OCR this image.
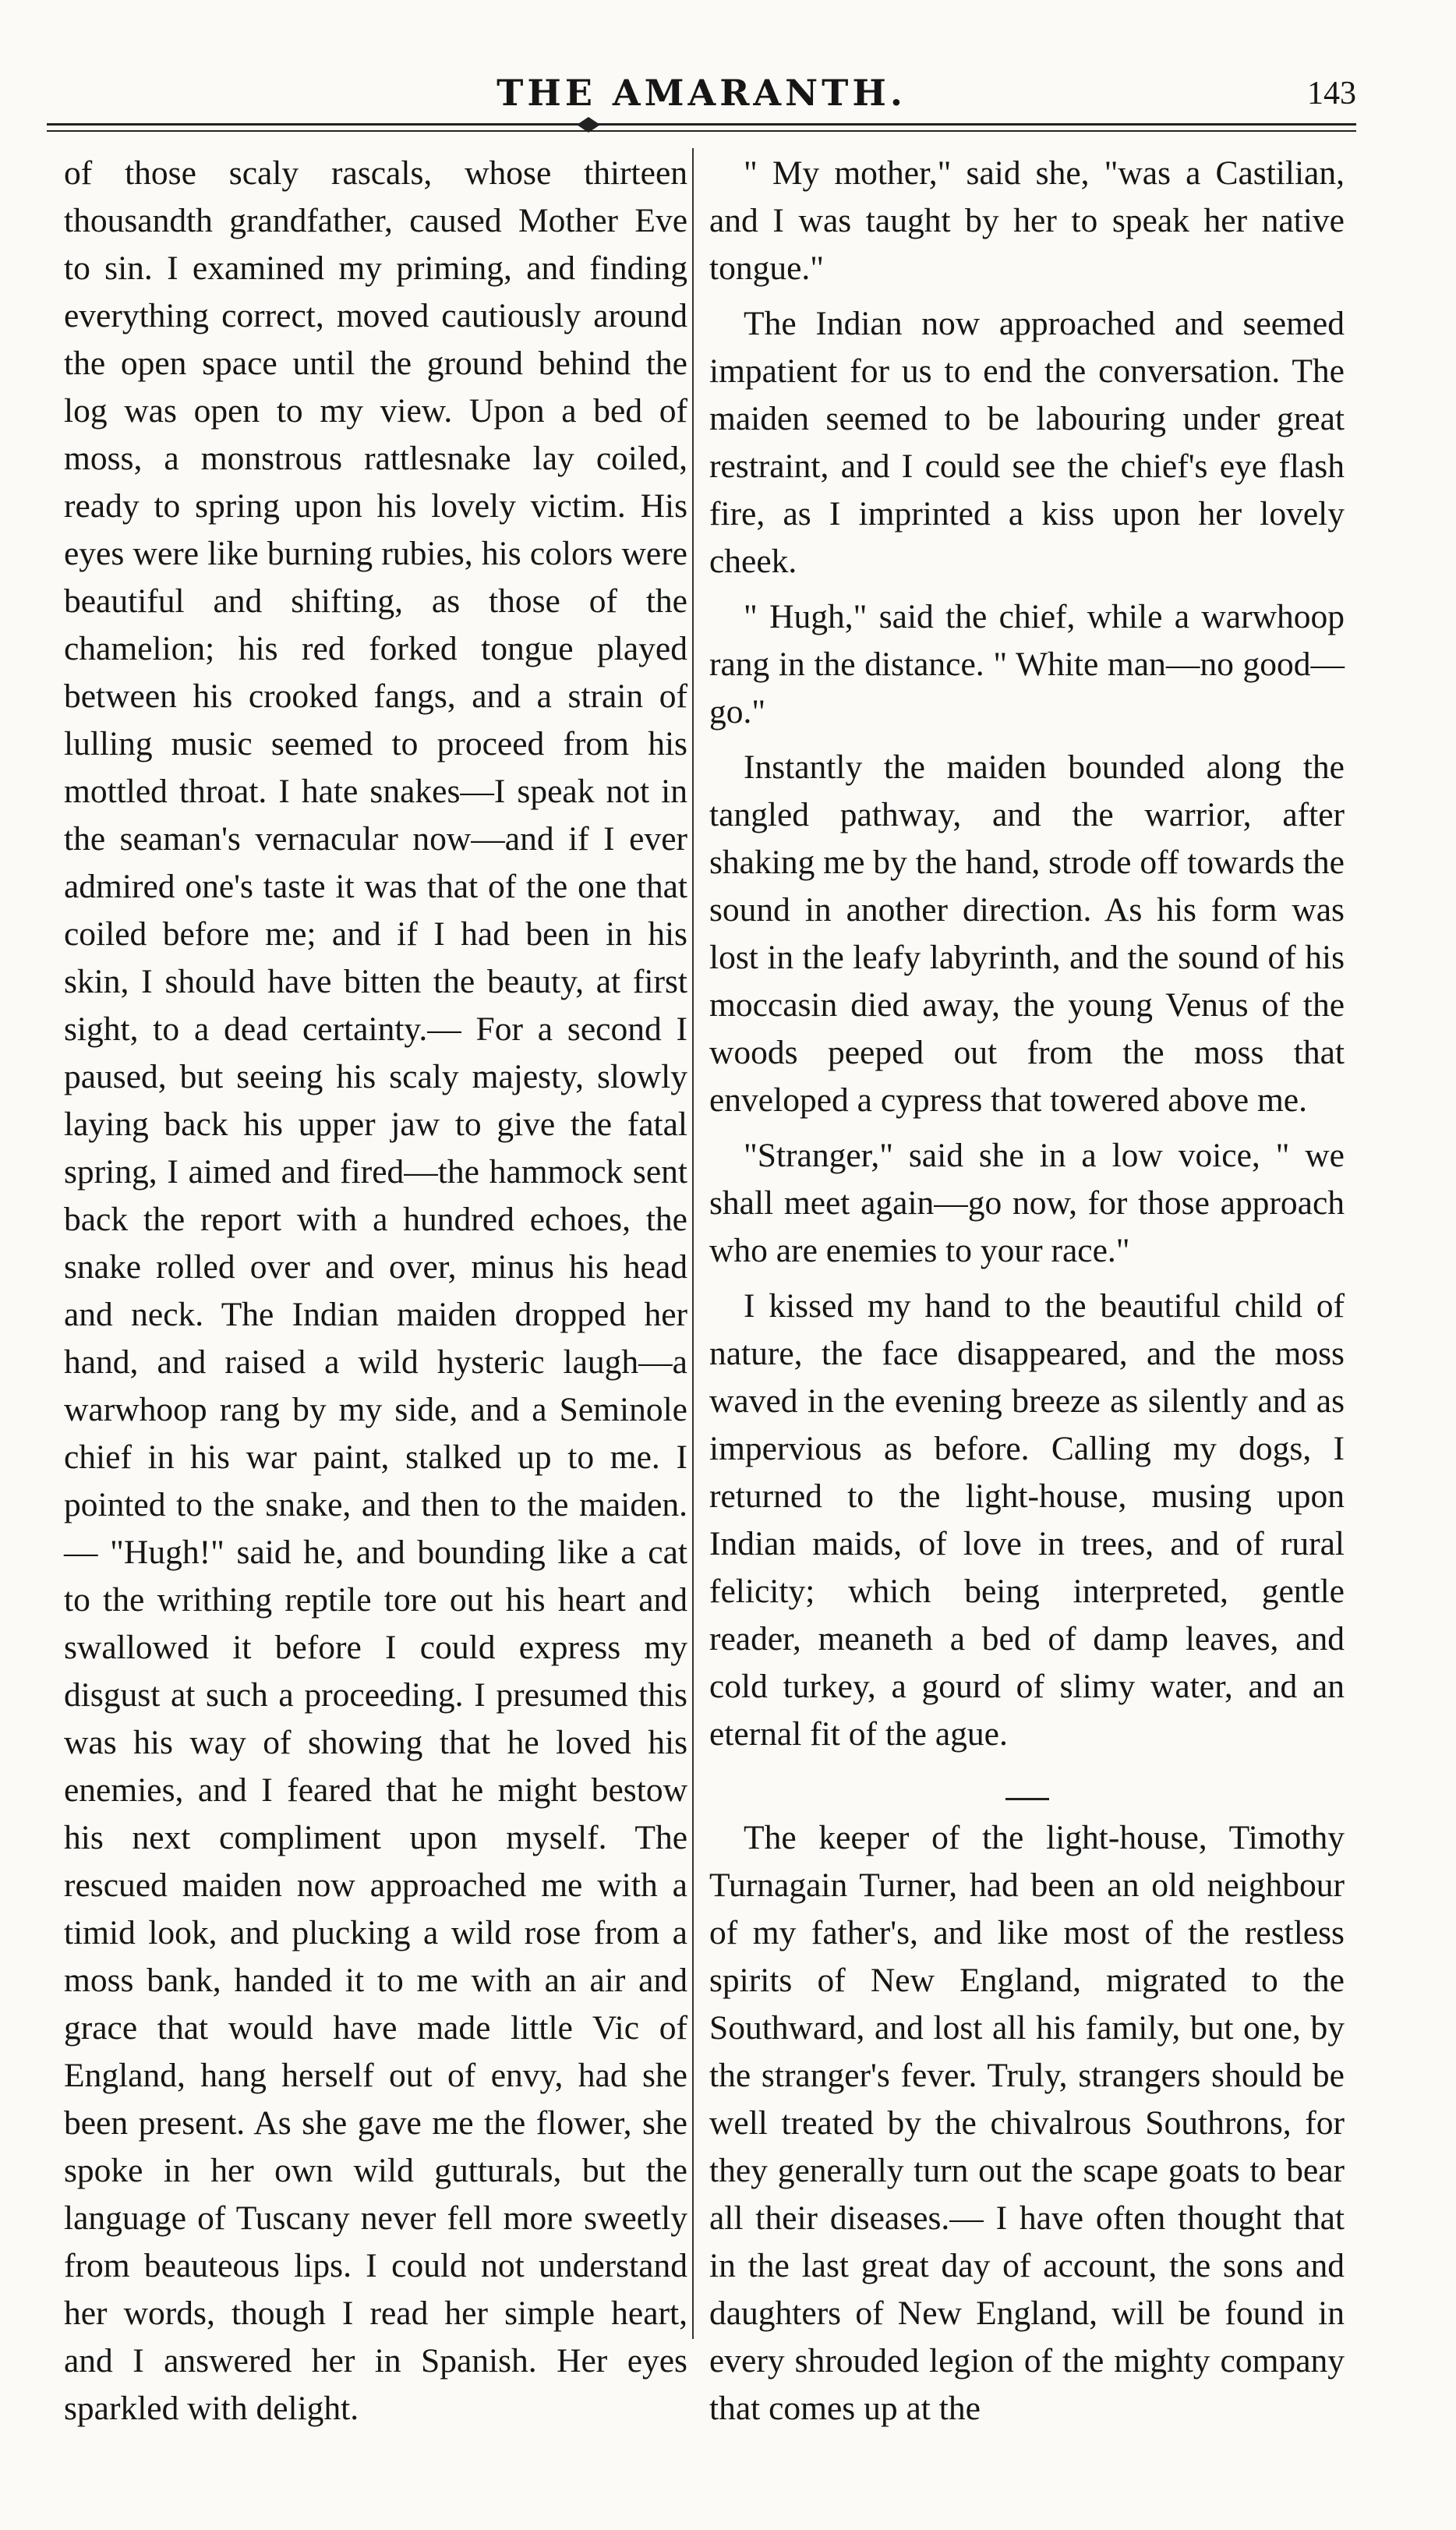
THE AMARANTH.	143

of those scaly rascals, whose thirteen thousandth grandfather, caused Mother Eve to sin. I examined my priming, and finding everything correct, moved cautiously around the open space until the ground behind the log was open to my view. Upon a bed of moss, a monstrous rattlesnake lay coiled, ready to spring upon his lovely victim. His eyes were like burning rubies, his colors were beautiful and shifting, as those of the chamelion; his red forked tongue played between his crooked fangs, and a strain of lulling music seemed to proceed from his mottled throat. I hate snakes—I speak not in the seaman's vernacular now—and if I ever admired one's taste it was that of the one that coiled before me; and if I had been in his skin, I should have bitten the beauty, at first sight, to a dead certainty.— For a second I paused, but seeing his scaly majesty, slowly laying back his upper jaw to give the fatal spring, I aimed and fired—the hammock sent back the report with a hundred echoes, the snake rolled over and over, minus his head and neck. The Indian maiden dropped her hand, and raised a wild hysteric laugh—a warwhoop rang by my side, and a Seminole chief in his war paint, stalked up to me. I pointed to the snake, and then to the maiden.— "Hugh!" said he, and bounding like a cat to the writhing reptile tore out his heart and swallowed it before I could express my disgust at such a proceeding. I presumed this was his way of showing that he loved his enemies, and I feared that he might bestow his next compliment upon myself. The rescued maiden now approached me with a timid look, and plucking a wild rose from a moss bank, handed it to me with an air and grace that would have made little Vic of England, hang herself out of envy, had she been present. As she gave me the flower, she spoke in her own wild gutturals, but the language of Tuscany never fell more sweetly from beauteous lips. I could not understand her words, though I read her simple heart, and I answered her in Spanish. Her eyes sparkled with delight.

" My mother," said she, "was a Castilian, and I was taught by her to speak her native tongue."

The Indian now approached and seemed impatient for us to end the conversation. The maiden seemed to be labouring under great restraint, and I could see the chief's eye flash fire, as I imprinted a kiss upon her lovely cheek.

" Hugh," said the chief, while a warwhoop rang in the distance. " White man—no good—go."

Instantly the maiden bounded along the tangled pathway, and the warrior, after shaking me by the hand, strode off towards the sound in another direction. As his form was lost in the leafy labyrinth, and the sound of his moccasin died away, the young Venus of the woods peeped out from the moss that enveloped a cypress that towered above me.

"Stranger," said she in a low voice, " we shall meet again—go now, for those approach who are enemies to your race."

I kissed my hand to the beautiful child of nature, the face disappeared, and the moss waved in the evening breeze as silently and as impervious as before. Calling my dogs, I returned to the light-house, musing upon Indian maids, of love in trees, and of rural felicity; which being interpreted, gentle reader, meaneth a bed of damp leaves, and cold turkey, a gourd of slimy water, and an eternal fit of the ague.

The keeper of the light-house, Timothy Turnagain Turner, had been an old neighbour of my father's, and like most of the restless spirits of New England, migrated to the Southward, and lost all his family, but one, by the stranger's fever. Truly, strangers should be well treated by the chivalrous Southrons, for they generally turn out the scape goats to bear all their diseases.— I have often thought that in the last great day of account, the sons and daughters of New England, will be found in every shrouded legion of the mighty company that comes up at the
